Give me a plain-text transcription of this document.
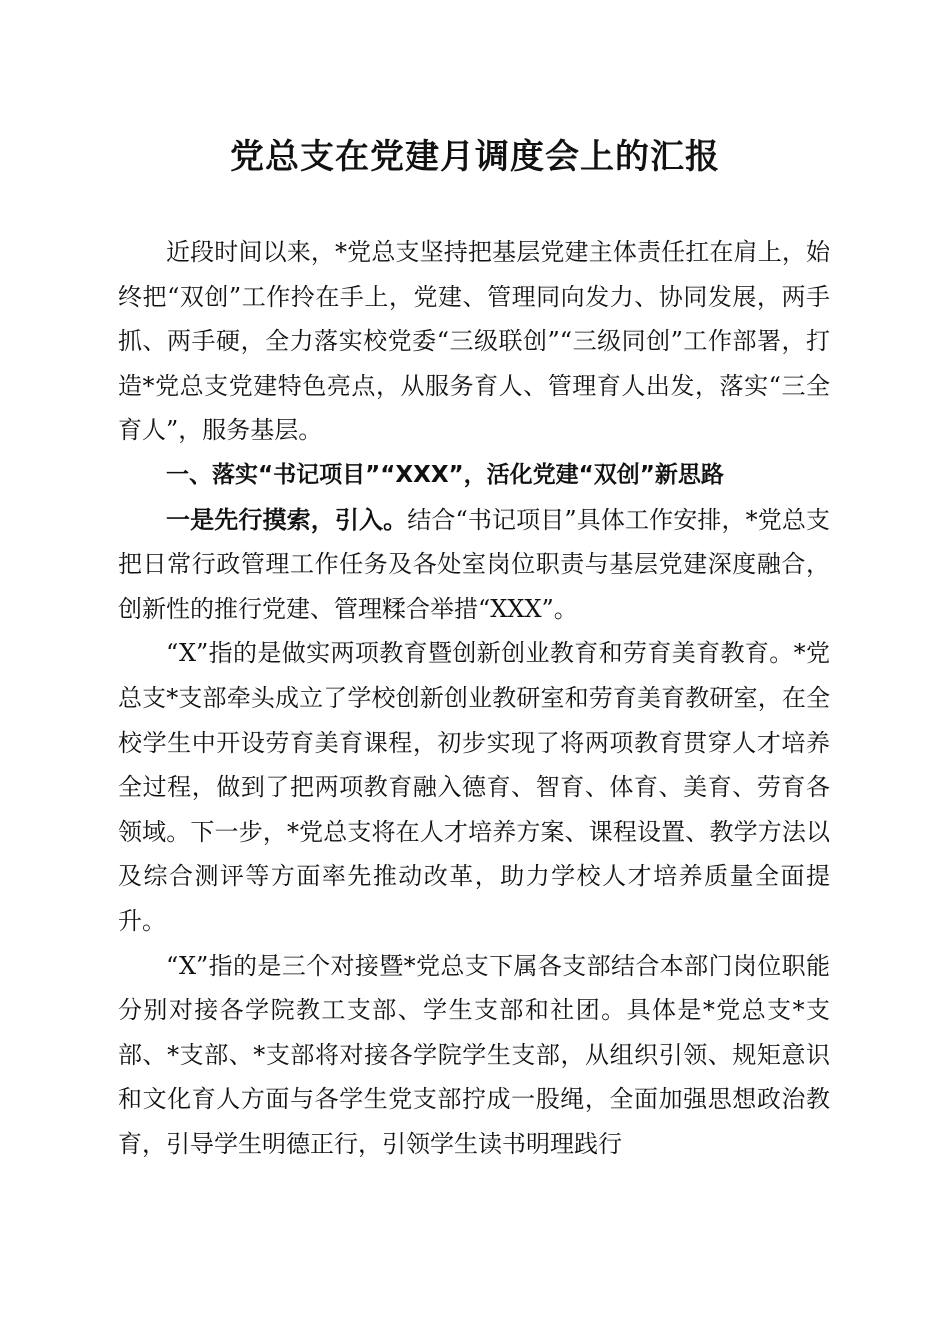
党总支在党建月调度会上的汇报

近段时间以来，*党总支坚持把基层党建主体责任扛在肩上，始终把“双创”工作拎在手上，党建、管理同向发力、协同发展，两手抓、两手硬，全力落实校党委“三级联创”“三级同创”工作部署，打造*党总支党建特色亮点，从服务育人、管理育人出发，落实“三全育人”，服务基层。

一、落实“书记项目”“XXX”，活化党建“双创”新思路

一是先行摸索，引入。结合“书记项目”具体工作安排，*党总支把日常行政管理工作任务及各处室岗位职责与基层党建深度融合，创新性的推行党建、管理糅合举措“XXX”。

“X”指的是做实两项教育暨创新创业教育和劳育美育教育。*党总支*支部牵头成立了学校创新创业教研室和劳育美育教研室，在全校学生中开设劳育美育课程，初步实现了将两项教育贯穿人才培养全过程，做到了把两项教育融入德育、智育、体育、美育、劳育各领域。下一步，*党总支将在人才培养方案、课程设置、教学方法以及综合测评等方面率先推动改革，助力学校人才培养质量全面提升。

“X”指的是三个对接暨*党总支下属各支部结合本部门岗位职能分别对接各学院教工支部、学生支部和社团。具体是*党总支*支部、*支部、*支部将对接各学院学生支部，从组织引领、规矩意识和文化育人方面与各学生党支部拧成一股绳，全面加强思想政治教育，引导学生明德正行，引领学生读书明理践行
